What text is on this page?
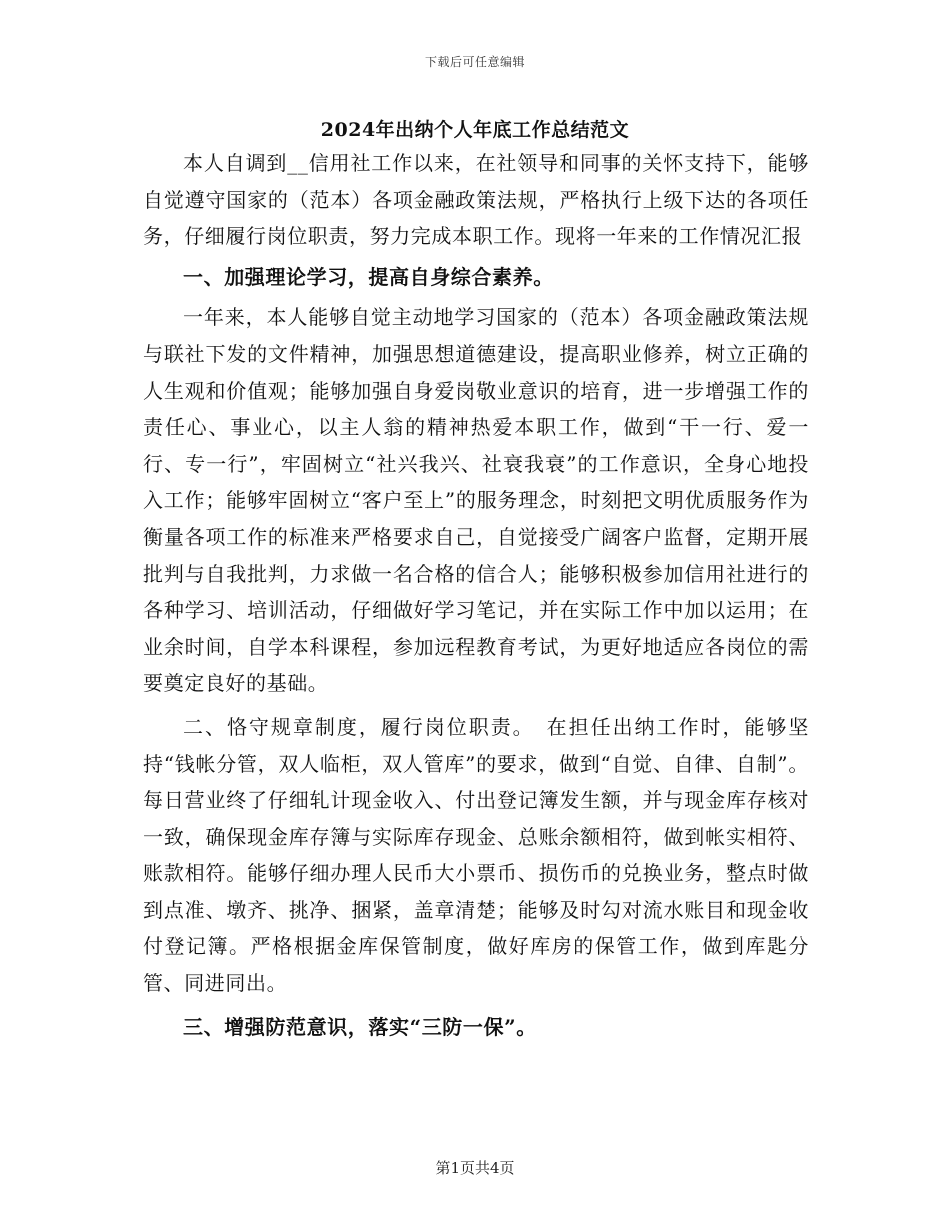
下载后可任意编辑
2024年出纳个人年底工作总结范文

本人自调到__信用社工作以来，在社领导和同事的关怀支持下，能够自觉遵守国家的（范本）各项金融政策法规，严格执行上级下达的各项任务，仔细履行岗位职责，努力完成本职工作。现将一年来的工作情况汇报

一、加强理论学习，提高自身综合素养。

一年来，本人能够自觉主动地学习国家的（范本）各项金融政策法规与联社下发的文件精神，加强思想道德建设，提高职业修养，树立正确的人生观和价值观；能够加强自身爱岗敬业意识的培育，进一步增强工作的责任心、事业心，以主人翁的精神热爱本职工作，做到“干一行、爱一行、专一行”，牢固树立“社兴我兴、社衰我衰”的工作意识，全身心地投入工作；能够牢固树立“客户至上”的服务理念，时刻把文明优质服务作为衡量各项工作的标准来严格要求自己，自觉接受广阔客户监督，定期开展批判与自我批判，力求做一名合格的信合人；能够积极参加信用社进行的各种学习、培训活动，仔细做好学习笔记，并在实际工作中加以运用；在业余时间，自学本科课程，参加远程教育考试，为更好地适应各岗位的需要奠定良好的基础。

二、恪守规章制度，履行岗位职责。　在担任出纳工作时，能够坚持“钱帐分管，双人临柜，双人管库”的要求，做到“自觉、自律、自制”。每日营业终了仔细轧计现金收入、付出登记簿发生额，并与现金库存核对一致，确保现金库存簿与实际库存现金、总账余额相符，做到帐实相符、账款相符。能够仔细办理人民币大小票币、损伤币的兑换业务，整点时做到点准、墩齐、挑净、捆紧，盖章清楚；能够及时勾对流水账目和现金收付登记簿。严格根据金库保管制度，做好库房的保管工作，做到库匙分管、同进同出。

三、增强防范意识，落实“三防一保”。

第1页共4页
